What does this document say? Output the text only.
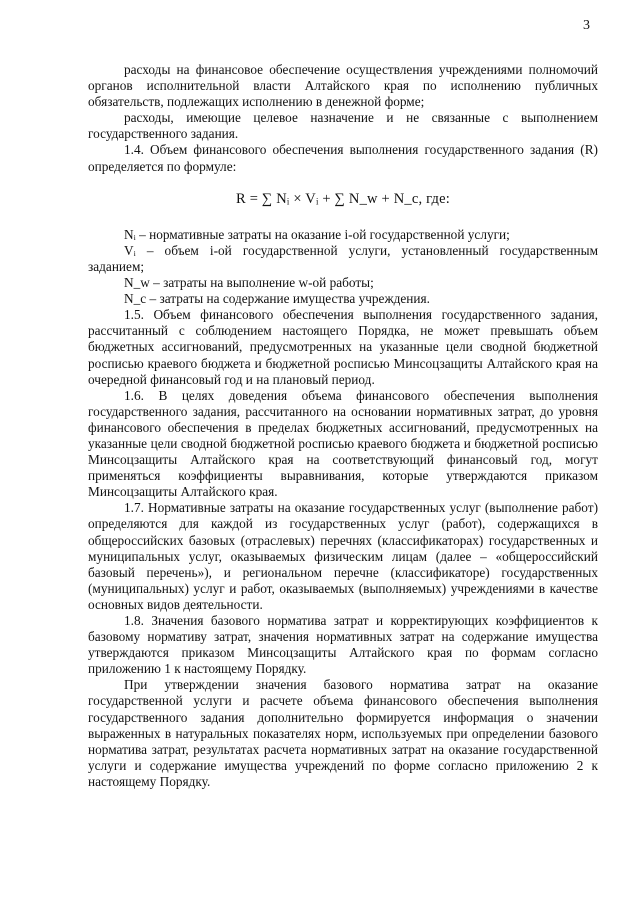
3

расходы на финансовое обеспечение осуществления учреждениями полномочий органов исполнительной власти Алтайского края по исполнению публичных обязательств, подлежащих исполнению в денежной форме;

расходы, имеющие целевое назначение и не связанные с выполнением государственного задания.

1.4. Объем финансового обеспечения выполнения государственного задания (R) определяется по формуле:

R = ∑ Nᵢ × Vᵢ + ∑ N_w + N_c, где:

Nᵢ – нормативные затраты на оказание i-ой государственной услуги;

Vᵢ – объем i-ой государственной услуги, установленный государственным заданием;

N_w – затраты на выполнение w-ой работы;

N_c – затраты на содержание имущества учреждения.

1.5. Объем финансового обеспечения выполнения государственного задания, рассчитанный с соблюдением настоящего Порядка, не может превышать объем бюджетных ассигнований, предусмотренных на указанные цели сводной бюджетной росписью краевого бюджета и бюджетной росписью Минсоцзащиты Алтайского края на очередной финансовый год и на плановый период.

1.6. В целях доведения объема финансового обеспечения выполнения государственного задания, рассчитанного на основании нормативных затрат, до уровня финансового обеспечения в пределах бюджетных ассигнований, предусмотренных на указанные цели сводной бюджетной росписью краевого бюджета и бюджетной росписью Минсоцзащиты Алтайского края на соответствующий финансовый год, могут применяться коэффициенты выравнивания, которые утверждаются приказом Минсоцзащиты Алтайского края.

1.7. Нормативные затраты на оказание государственных услуг (выполнение работ) определяются для каждой из государственных услуг (работ), содержащихся в общероссийских базовых (отраслевых) перечнях (классификаторах) государственных и муниципальных услуг, оказываемых физическим лицам (далее – «общероссийский базовый перечень»), и региональном перечне (классификаторе) государственных (муниципальных) услуг и работ, оказываемых (выполняемых) учреждениями в качестве основных видов деятельности.

1.8. Значения базового норматива затрат и корректирующих коэффициентов к базовому нормативу затрат, значения нормативных затрат на содержание имущества утверждаются приказом Минсоцзащиты Алтайского края по формам согласно приложению 1 к настоящему Порядку.

При утверждении значения базового норматива затрат на оказание государственной услуги и расчете объема финансового обеспечения выполнения государственного задания дополнительно формируется информация о значении выраженных в натуральных показателях норм, используемых при определении базового норматива затрат, результатах расчета нормативных затрат на оказание государственной услуги и содержание имущества учреждений по форме согласно приложению 2 к настоящему Порядку.
